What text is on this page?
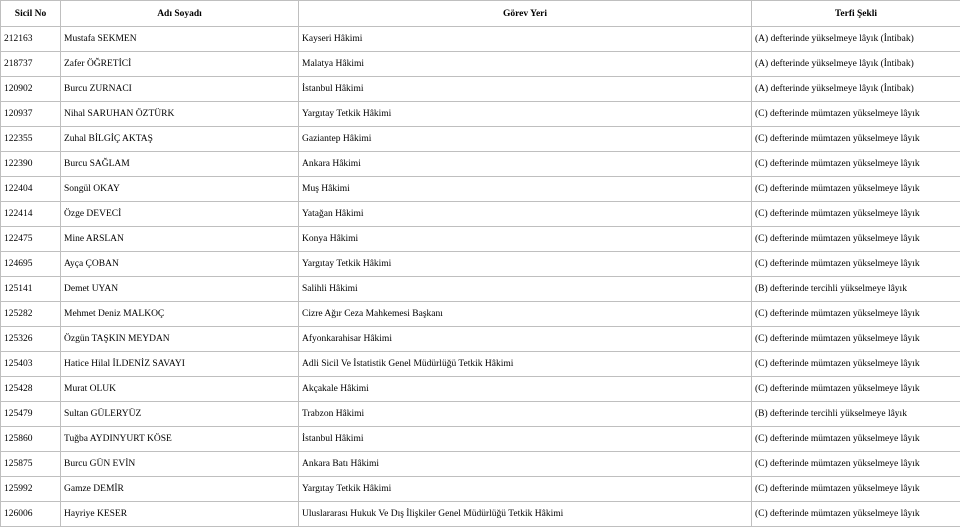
Sicil No	Adı Soyadı	Görev Yeri	Terfi Şekli
212163	Mustafa SEKMEN	Kayseri Hâkimi	(A) defterinde yükselmeye lâyık (İntibak)
218737	Zafer ÖĞRETİCİ	Malatya Hâkimi	(A) defterinde yükselmeye lâyık (İntibak)
120902	Burcu ZURNACI	İstanbul Hâkimi	(A) defterinde yükselmeye lâyık (İntibak)
120937	Nihal SARUHAN ÖZTÜRK	Yargıtay Tetkik Hâkimi	(C) defterinde mümtazen yükselmeye lâyık
122355	Zuhal BİLGİÇ AKTAŞ	Gaziantep Hâkimi	(C) defterinde mümtazen yükselmeye lâyık
122390	Burcu SAĞLAM	Ankara Hâkimi	(C) defterinde mümtazen yükselmeye lâyık
122404	Songül OKAY	Muş Hâkimi	(C) defterinde mümtazen yükselmeye lâyık
122414	Özge DEVECİ	Yatağan Hâkimi	(C) defterinde mümtazen yükselmeye lâyık
122475	Mine ARSLAN	Konya Hâkimi	(C) defterinde mümtazen yükselmeye lâyık
124695	Ayça ÇOBAN	Yargıtay Tetkik Hâkimi	(C) defterinde mümtazen yükselmeye lâyık
125141	Demet UYAN	Salihli Hâkimi	(B) defterinde tercihli yükselmeye lâyık
125282	Mehmet Deniz MALKOÇ	Cizre Ağır Ceza Mahkemesi Başkanı	(C) defterinde mümtazen yükselmeye lâyık
125326	Özgün TAŞKIN MEYDAN	Afyonkarahisar Hâkimi	(C) defterinde mümtazen yükselmeye lâyık
125403	Hatice Hilal İLDENİZ SAVAYI	Adli Sicil Ve İstatistik Genel Müdürlüğü Tetkik Hâkimi	(C) defterinde mümtazen yükselmeye lâyık
125428	Murat OLUK	Akçakale Hâkimi	(C) defterinde mümtazen yükselmeye lâyık
125479	Sultan GÜLERYÜZ	Trabzon Hâkimi	(B) defterinde tercihli yükselmeye lâyık
125860	Tuğba AYDINYURT KÖSE	İstanbul Hâkimi	(C) defterinde mümtazen yükselmeye lâyık
125875	Burcu GÜN EVİN	Ankara Batı Hâkimi	(C) defterinde mümtazen yükselmeye lâyık
125992	Gamze DEMİR	Yargıtay Tetkik Hâkimi	(C) defterinde mümtazen yükselmeye lâyık
126006	Hayriye KESER	Uluslararası Hukuk Ve Dış İlişkiler Genel Müdürlüğü Tetkik Hâkimi	(C) defterinde mümtazen yükselmeye lâyık
